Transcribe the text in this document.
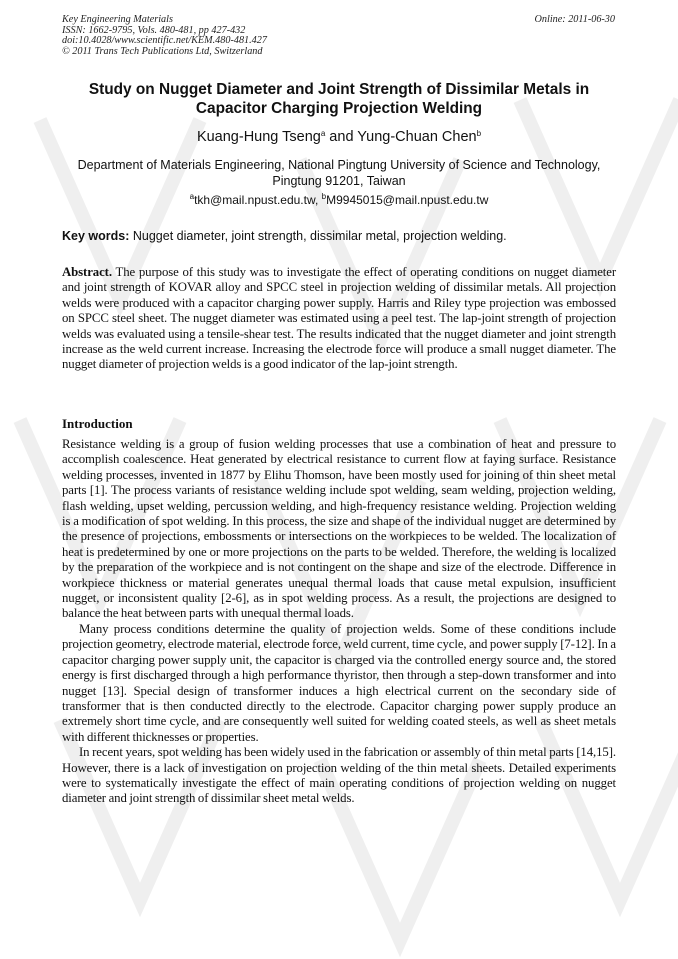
Key Engineering Materials
ISSN: 1662-9795, Vols. 480-481, pp 427-432
doi:10.4028/www.scientific.net/KEM.480-481.427
© 2011 Trans Tech Publications Ltd, Switzerland
Online: 2011-06-30
Study on Nugget Diameter and Joint Strength of Dissimilar Metals in
Capacitor Charging Projection Welding
Kuang-Hung Tseng$^a$ and Yung-Chuan Chen$^b$
Department of Materials Engineering, National Pingtung University of Science and Technology,
Pingtung 91201, Taiwan
$^a$tkh@mail.npust.edu.tw, $^b$M9945015@mail.npust.edu.tw
Key words: Nugget diameter, joint strength, dissimilar metal, projection welding.
Abstract. The purpose of this study was to investigate the effect of operating conditions on nugget diameter and joint strength of KOVAR alloy and SPCC steel in projection welding of dissimilar metals. All projection welds were produced with a capacitor charging power supply. Harris and Riley type projection was embossed on SPCC steel sheet. The nugget diameter was estimated using a peel test. The lap-joint strength of projection welds was evaluated using a tensile-shear test. The results indicated that the nugget diameter and joint strength increase as the weld current increase. Increasing the electrode force will produce a small nugget diameter. The nugget diameter of projection welds is a good indicator of the lap-joint strength.
Introduction

Resistance welding is a group of fusion welding processes that use a combination of heat and pressure to accomplish coalescence. Heat generated by electrical resistance to current flow at faying surface. Resistance welding processes, invented in 1877 by Elihu Thomson, have been mostly used for joining of thin sheet metal parts [1]. The process variants of resistance welding include spot welding, seam welding, projection welding, flash welding, upset welding, percussion welding, and high-frequency resistance welding. Projection welding is a modification of spot welding. In this process, the size and shape of the individual nugget are determined by the presence of projections, embossments or intersections on the workpieces to be welded. The localization of heat is predetermined by one or more projections on the parts to be welded. Therefore, the welding is localized by the preparation of the workpiece and is not contingent on the shape and size of the electrode. Difference in workpiece thickness or material generates unequal thermal loads that cause metal expulsion, insufficient nugget, or inconsistent quality [2-6], as in spot welding process. As a result, the projections are designed to balance the heat between parts with unequal thermal loads.

Many process conditions determine the quality of projection welds. Some of these conditions include projection geometry, electrode material, electrode force, weld current, time cycle, and power supply [7-12]. In a capacitor charging power supply unit, the capacitor is charged via the controlled energy source and, the stored energy is first discharged through a high performance thyristor, then through a step-down transformer and into nugget [13]. Special design of transformer induces a high electrical current on the secondary side of transformer that is then conducted directly to the electrode. Capacitor charging power supply produce an extremely short time cycle, and are consequently well suited for welding coated steels, as well as sheet metals with different thicknesses or properties.

In recent years, spot welding has been widely used in the fabrication or assembly of thin metal parts [14,15]. However, there is a lack of investigation on projection welding of the thin metal sheets. Detailed experiments were to systematically investigate the effect of main operating conditions of projection welding on nugget diameter and joint strength of dissimilar sheet metal welds.
